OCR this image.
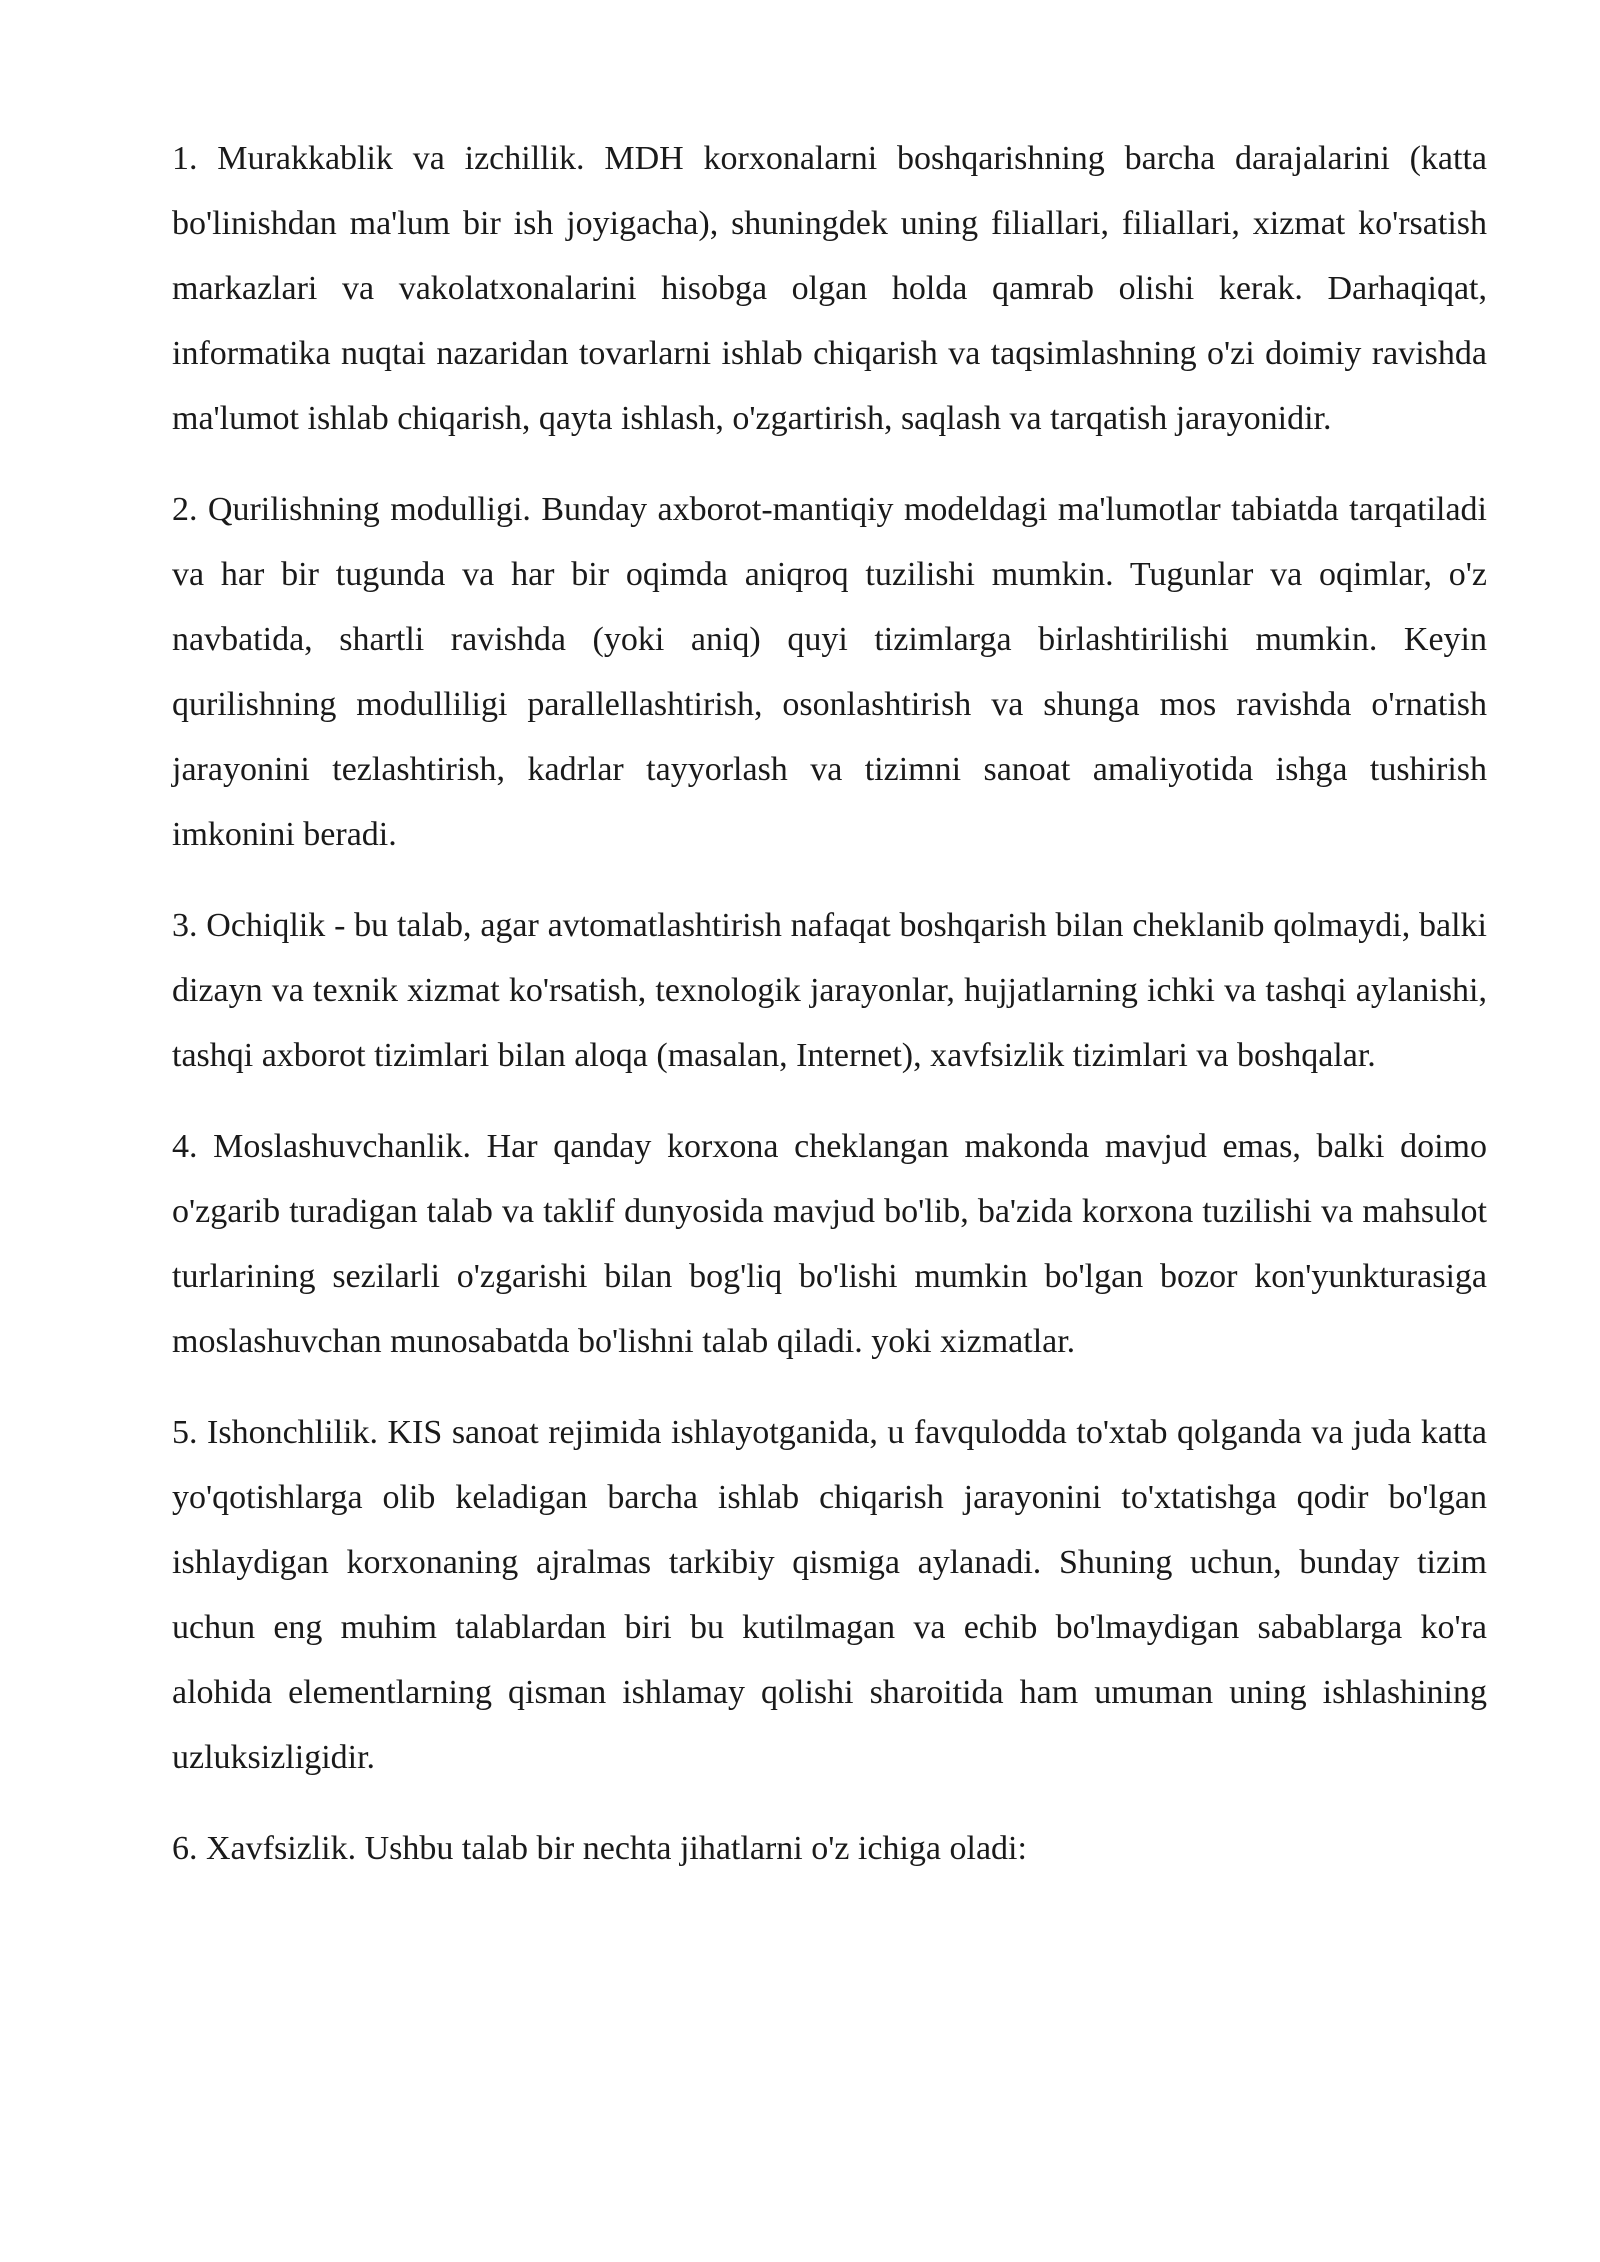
1. Murakkablik va izchillik. MDH korxonalarni boshqarishning barcha darajalarini (katta bo'linishdan ma'lum bir ish joyigacha), shuningdek uning filiallari, filiallari, xizmat ko'rsatish markazlari va vakolatxonalarini hisobga olgan holda qamrab olishi kerak. Darhaqiqat, informatika nuqtai nazaridan tovarlarni ishlab chiqarish va taqsimlashning o'zi doimiy ravishda ma'lumot ishlab chiqarish, qayta ishlash, o'zgartirish, saqlash va tarqatish jarayonidir.

2. Qurilishning modulligi. Bunday axborot-mantiqiy modeldagi ma'lumotlar tabiatda tarqatiladi va har bir tugunda va har bir oqimda aniqroq tuzilishi mumkin. Tugunlar va oqimlar, o'z navbatida, shartli ravishda (yoki aniq) quyi tizimlarga birlashtirilishi mumkin. Keyin qurilishning modulliligi parallellashtirish, osonlashtirish va shunga mos ravishda o'rnatish jarayonini tezlashtirish, kadrlar tayyorlash va tizimni sanoat amaliyotida ishga tushirish imkonini beradi.

3. Ochiqlik - bu talab, agar avtomatlashtirish nafaqat boshqarish bilan cheklanib qolmaydi, balki dizayn va texnik xizmat ko'rsatish, texnologik jarayonlar, hujjatlarning ichki va tashqi aylanishi, tashqi axborot tizimlari bilan aloqa (masalan, Internet), xavfsizlik tizimlari va boshqalar.

4. Moslashuvchanlik. Har qanday korxona cheklangan makonda mavjud emas, balki doimo o'zgarib turadigan talab va taklif dunyosida mavjud bo'lib, ba'zida korxona tuzilishi va mahsulot turlarining sezilarli o'zgarishi bilan bog'liq bo'lishi mumkin bo'lgan bozor kon'yunkturasiga moslashuvchan munosabatda bo'lishni talab qiladi. yoki xizmatlar.

5. Ishonchlilik. KIS sanoat rejimida ishlayotganida, u favqulodda to'xtab qolganda va juda katta yo'qotishlarga olib keladigan barcha ishlab chiqarish jarayonini to'xtatishga qodir bo'lgan ishlaydigan korxonaning ajralmas tarkibiy qismiga aylanadi. Shuning uchun, bunday tizim uchun eng muhim talablardan biri bu kutilmagan va echib bo'lmaydigan sabablarga ko'ra alohida elementlarning qisman ishlamay qolishi sharoitida ham umuman uning ishlashining uzluksizligidir.

6. Xavfsizlik. Ushbu talab bir nechta jihatlarni o'z ichiga oladi:
